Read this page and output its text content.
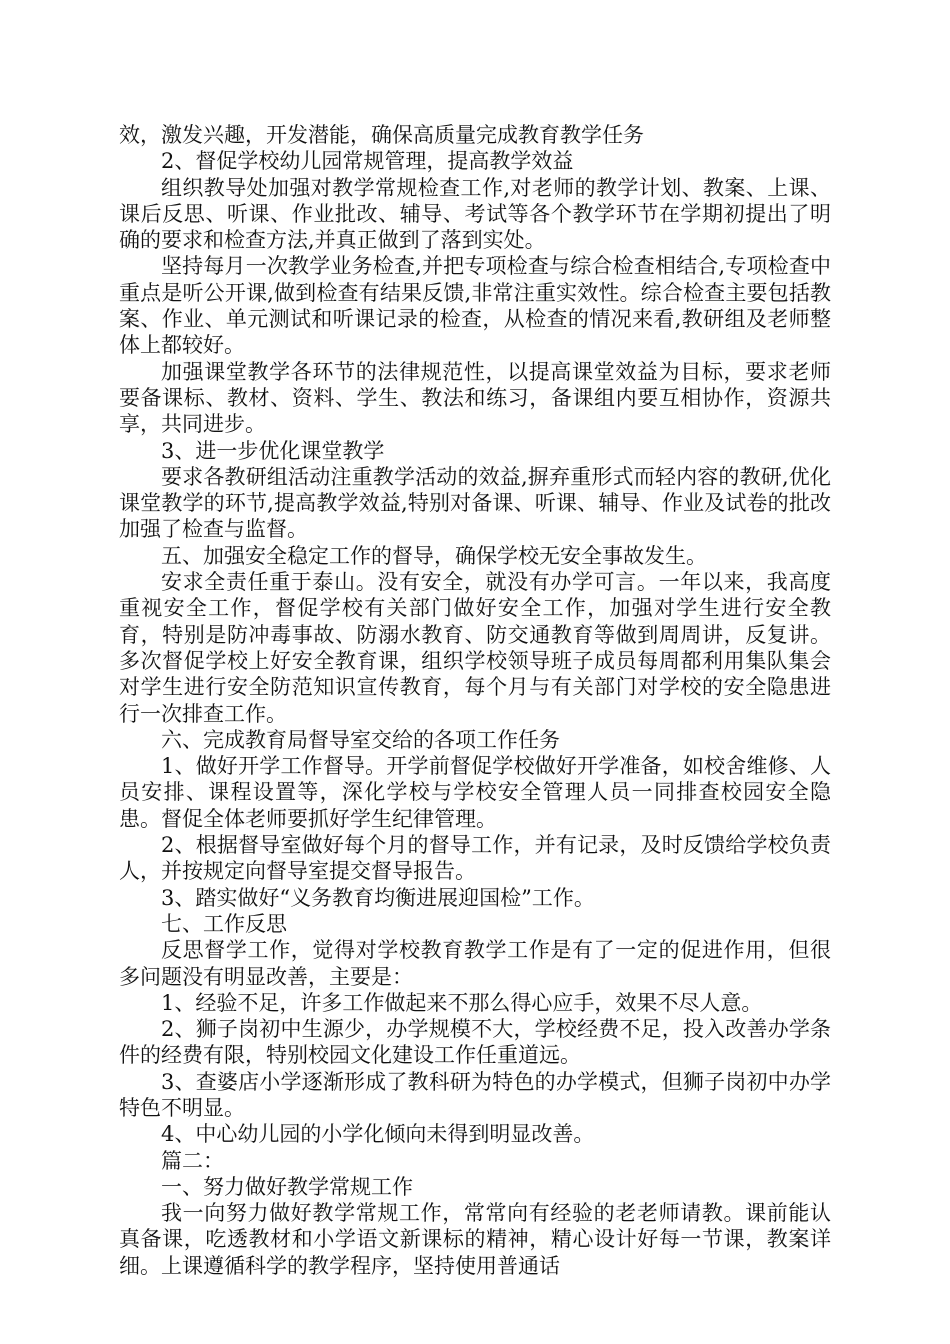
效，激发兴趣，开发潜能，确保高质量完成教育教学任务

2、督促学校幼儿园常规管理，提高教学效益

组织教导处加强对教学常规检查工作,对老师的教学计划、教案、上课、课后反思、听课、作业批改、辅导、考试等各个教学环节在学期初提出了明确的要求和检查方法,并真正做到了落到实处。

坚持每月一次教学业务检查,并把专项检查与综合检查相结合,专项检查中重点是听公开课,做到检查有结果反馈,非常注重实效性。综合检查主要包括教案、作业、单元测试和听课记录的检查，从检查的情况来看,教研组及老师整体上都较好。

加强课堂教学各环节的法律规范性，以提高课堂效益为目标，要求老师要备课标、教材、资料、学生、教法和练习，备课组内要互相协作，资源共享，共同进步。

3、进一步优化课堂教学

要求各教研组活动注重教学活动的效益,摒弃重形式而轻内容的教研,优化课堂教学的环节,提高教学效益,特别对备课、听课、辅导、作业及试卷的批改加强了检查与监督。

五、加强安全稳定工作的督导，确保学校无安全事故发生。

安求全责任重于泰山。没有安全，就没有办学可言。一年以来，我高度重视安全工作，督促学校有关部门做好安全工作，加强对学生进行安全教育，特别是防冲毒事故、防溺水教育、防交通教育等做到周周讲，反复讲。多次督促学校上好安全教育课，组织学校领导班子成员每周都利用集队集会对学生进行安全防范知识宣传教育，每个月与有关部门对学校的安全隐患进行一次排查工作。

六、完成教育局督导室交给的各项工作任务

1、做好开学工作督导。开学前督促学校做好开学准备，如校舍维修、人员安排、课程设置等，深化学校与学校安全管理人员一同排查校园安全隐患。督促全体老师要抓好学生纪律管理。

2、根据督导室做好每个月的督导工作，并有记录，及时反馈给学校负责人，并按规定向督导室提交督导报告。

3、踏实做好“义务教育均衡进展迎国检”工作。

七、工作反思

反思督学工作，觉得对学校教育教学工作是有了一定的促进作用，但很多问题没有明显改善，主要是：

1、经验不足，许多工作做起来不那么得心应手，效果不尽人意。

2、狮子岗初中生源少，办学规模不大，学校经费不足，投入改善办学条件的经费有限，特别校园文化建设工作任重道远。

3、查婆店小学逐渐形成了教科研为特色的办学模式，但狮子岗初中办学特色不明显。

4、中心幼儿园的小学化倾向未得到明显改善。

篇二：

一、努力做好教学常规工作

我一向努力做好教学常规工作，常常向有经验的老老师请教。课前能认真备课，吃透教材和小学语文新课标的精神，精心设计好每一节课，教案详细。上课遵循科学的教学程序，坚持使用普通话
